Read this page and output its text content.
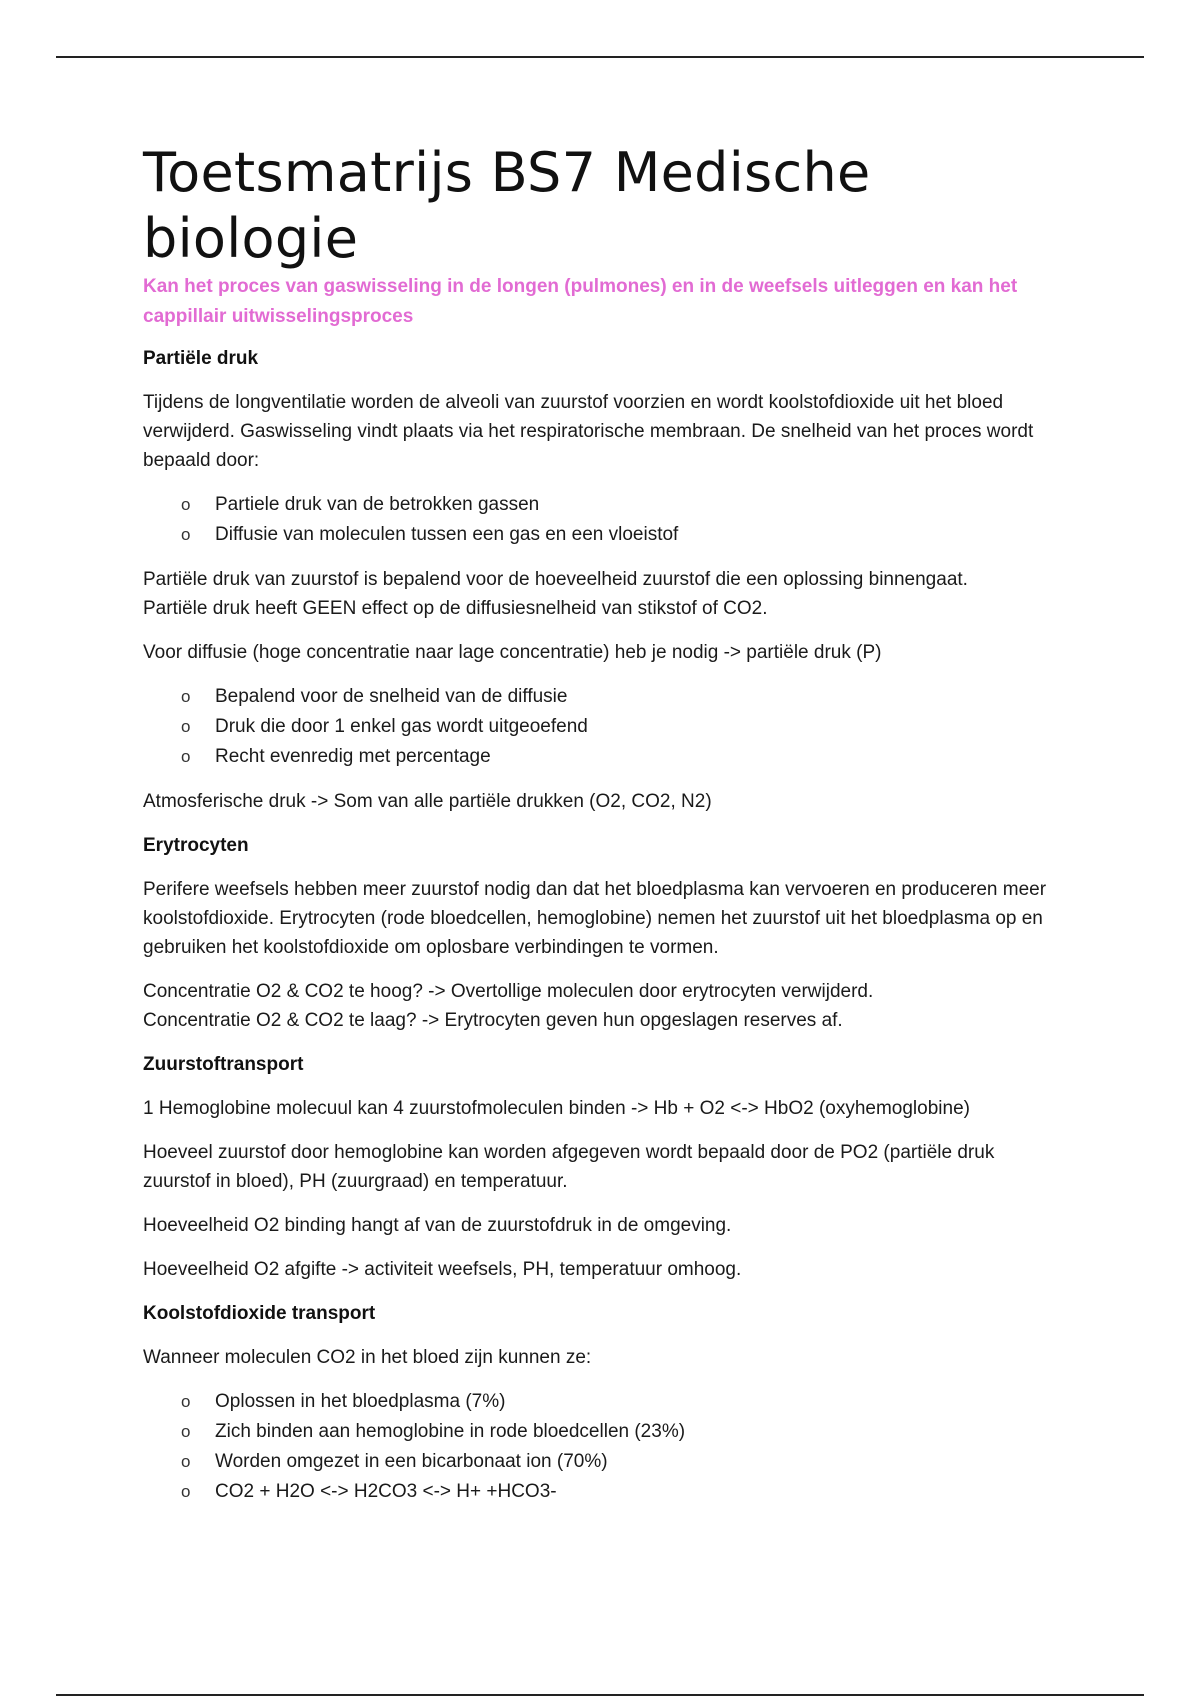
Toetsmatrijs BS7 Medische biologie

Kan het proces van gaswisseling in de longen (pulmones) en in de weefsels uitleggen en kan het cappillair uitwisselingsproces

Partiële druk

Tijdens de longventilatie worden de alveoli van zuurstof voorzien en wordt koolstofdioxide uit het bloed verwijderd. Gaswisseling vindt plaats via het respiratorische membraan. De snelheid van het proces wordt bepaald door:

o Partiele druk van de betrokken gassen
o Diffusie van moleculen tussen een gas en een vloeistof

Partiële druk van zuurstof is bepalend voor de hoeveelheid zuurstof die een oplossing binnengaat.
Partiële druk heeft GEEN effect op de diffusiesnelheid van stikstof of CO2.

Voor diffusie (hoge concentratie naar lage concentratie) heb je nodig -> partiële druk (P)

o Bepalend voor de snelheid van de diffusie
o Druk die door 1 enkel gas wordt uitgeoefend
o Recht evenredig met percentage

Atmosferische druk -> Som van alle partiële drukken (O2, CO2, N2)

Erytrocyten

Perifere weefsels hebben meer zuurstof nodig dan dat het bloedplasma kan vervoeren en produceren meer koolstofdioxide. Erytrocyten (rode bloedcellen, hemoglobine) nemen het zuurstof uit het bloedplasma op en gebruiken het koolstofdioxide om oplosbare verbindingen te vormen.

Concentratie O2 & CO2 te hoog? -> Overtollige moleculen door erytrocyten verwijderd.
Concentratie O2 & CO2 te laag? -> Erytrocyten geven hun opgeslagen reserves af.

Zuurstoftransport

1 Hemoglobine molecuul kan 4 zuurstofmoleculen binden -> Hb + O2 <-> HbO2 (oxyhemoglobine)

Hoeveel zuurstof door hemoglobine kan worden afgegeven wordt bepaald door de PO2 (partiële druk zuurstof in bloed), PH (zuurgraad) en temperatuur.

Hoeveelheid O2 binding hangt af van de zuurstofdruk in de omgeving.

Hoeveelheid O2 afgifte -> activiteit weefsels, PH, temperatuur omhoog.

Koolstofdioxide transport

Wanneer moleculen CO2 in het bloed zijn kunnen ze:

o Oplossen in het bloedplasma (7%)
o Zich binden aan hemoglobine in rode bloedcellen (23%)
o Worden omgezet in een bicarbonaat ion (70%)
o CO2 + H2O <-> H2CO3 <-> H+ +HCO3-
